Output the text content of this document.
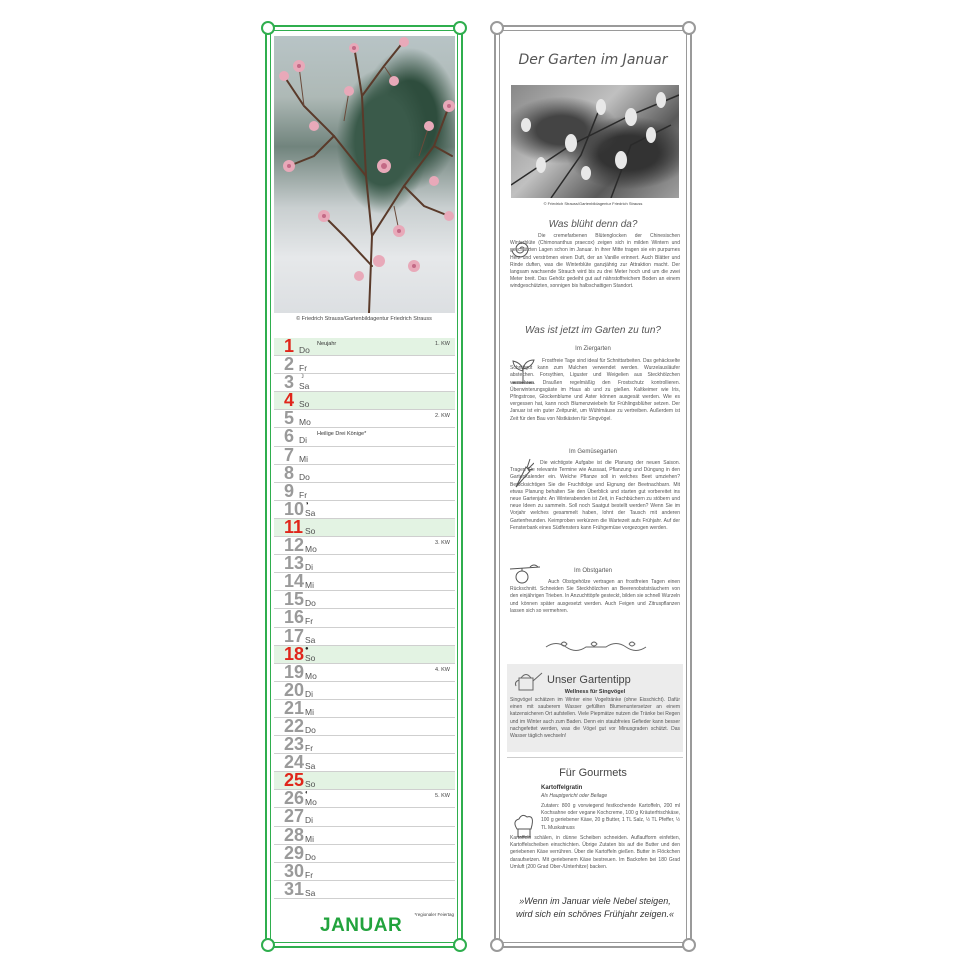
© Friedrich Strauss/Gartenbildagentur Friedrich Strauss
1 Do
Neujahr	1. KW
2 Fr
3 Sa
☽
4 So
5 Mo
2. KW
6 Di
Heilige Drei Könige*
7 Mi
8 Do
9 Fr
10 Sa
◑
11 So
12 Mo
3. KW
13 Di
14 Mi
15 Do
16 Fr
17 Sa
18 So
●
19 Mo
4. KW
20 Di
21 Mi
22 Do
23 Fr
24 Sa
25 So
26 Mo
◐	5. KW
27 Di
28 Mi
29 Do
30 Fr
31 Sa
JANUAR
*regionaler Feiertag
Der Garten im Januar
© Friedrich Strauss/Gartenbildagentur Friedrich Strauss
Was blüht denn da?
Die cremefarbenen Blütenglocken der Chinesischen Winterblüte (Chimonanthus praecox) zeigen sich in milden Wintern und geschützten Lagen schon im Januar. In ihrer Mitte tragen sie ein purpurnes Herz und verströmen einen Duft, der an Vanille erinnert. Auch Blätter und Rinde duften, was die Winterblüte ganzjährig zur Attraktion macht. Der langsam wachsende Strauch wird bis zu drei Meter hoch und um die zwei Meter breit. Das Gehölz gedeiht gut auf nährstoffreichem Boden an einem windgeschützten, sonnigen bis halbschattigen Standort.
Was ist jetzt im Garten zu tun?
Im Ziergarten
Frostfreie Tage sind ideal für Schnittarbeiten. Das gehäckselte Schnittgut kann zum Mulchen verwendet werden. Wurzelausläufer abstechen. Forsythien, Liguster und Weigelien aus Steckhölzchen vermehren. Draußen regelmäßig den Frostschutz kontrollieren. Überwinterungsgäste im Haus ab und zu gießen. Kaltkeimer wie Iris, Pfingstrose, Glockenblume und Aster können ausgesät werden. Wie es vergessen hat, kann noch Blumenzwiebeln für Frühlingsblüher setzen. Der Januar ist ein guter Zeitpunkt, um Wühlmäuse zu vertreiben. Außerdem ist Zeit für den Bau von Nistkästen für Singvögel.
Im Gemüsegarten
Die wichtigste Aufgabe ist die Planung der neuen Saison. Tragen Sie relevante Termine wie Aussaat, Pflanzung und Düngung in den Gartenkalender ein. Welche Pflanze soll in welches Beet umziehen? Berücksichtigen Sie die Fruchtfolge und Eignung der Beetnachbarn. Mit etwas Planung behalten Sie den Überblick und starten gut vorbereitet ins neue Gartenjahr. An Winterabenden ist Zeit, in Fachbüchern zu stöbern und neue Ideen zu sammeln. Soll noch Saatgut bestellt werden? Wenn Sie im Vorjahr welches gesammelt haben, lohnt der Tausch mit anderen Gartenfreunden. Keimproben verkürzen die Wartezeit aufs Frühjahr. Auf der Fensterbank eines Südfensters kann Frühgemüse vorgezogen werden.
Im Obstgarten
Auch Obstgehölze vertragen an frostfreien Tagen einen Rückschnitt. Schneiden Sie Steckhölzchen an Beerenobststräuchern von den einjährigen Trieben. In Anzuchttöpfe gesteckt, bilden sie schnell Wurzeln und können später ausgesetzt werden. Auch Feigen und Zitruspflanzen lassen sich so vermehren.
Unser Gartentipp
Wellness für Singvögel
Singvögel schätzen im Winter eine Vogeltränke (ohne Eisschicht). Dafür einen mit sauberem Wasser gefüllten Blumenuntersetzer an einem katzensicheren Ort aufstellen. Viele Piepmätze nutzen die Tränke bei Regen und im Winter auch zum Baden. Denn ein staubfreies Gefieder kann besser nachgefettet werden, was die Vögel gut vor Minusgraden schützt. Das Wasser täglich wechseln!
Für Gourmets
Kartoffelgratin
Als Hauptgericht oder Beilage
Zutaten: 800 g vorwiegend festkochende Kartoffeln, 200 ml Kochsahne oder vegane Kochcreme, 100 g Kräuterfrischkäse, 100 g geriebener Käse, 20 g Butter, 1 TL Salz, ½ TL Pfeffer, ½ TL Muskatnuss
Kartoffeln schälen, in dünne Scheiben schneiden. Auflaufform einfetten, Kartoffelscheiben einschichten. Übrige Zutaten bis auf die Butter und den geriebenen Käse verrühren. Über die Kartoffeln gießen. Butter in Flöckchen daraufsetzen. Mit geriebenem Käse bestreuen. Im Backofen bei 180 Grad Umluft (200 Grad Ober-/Unterhitze) backen.
»Wenn im Januar viele Nebel steigen, wird sich ein schönes Frühjahr zeigen.«
